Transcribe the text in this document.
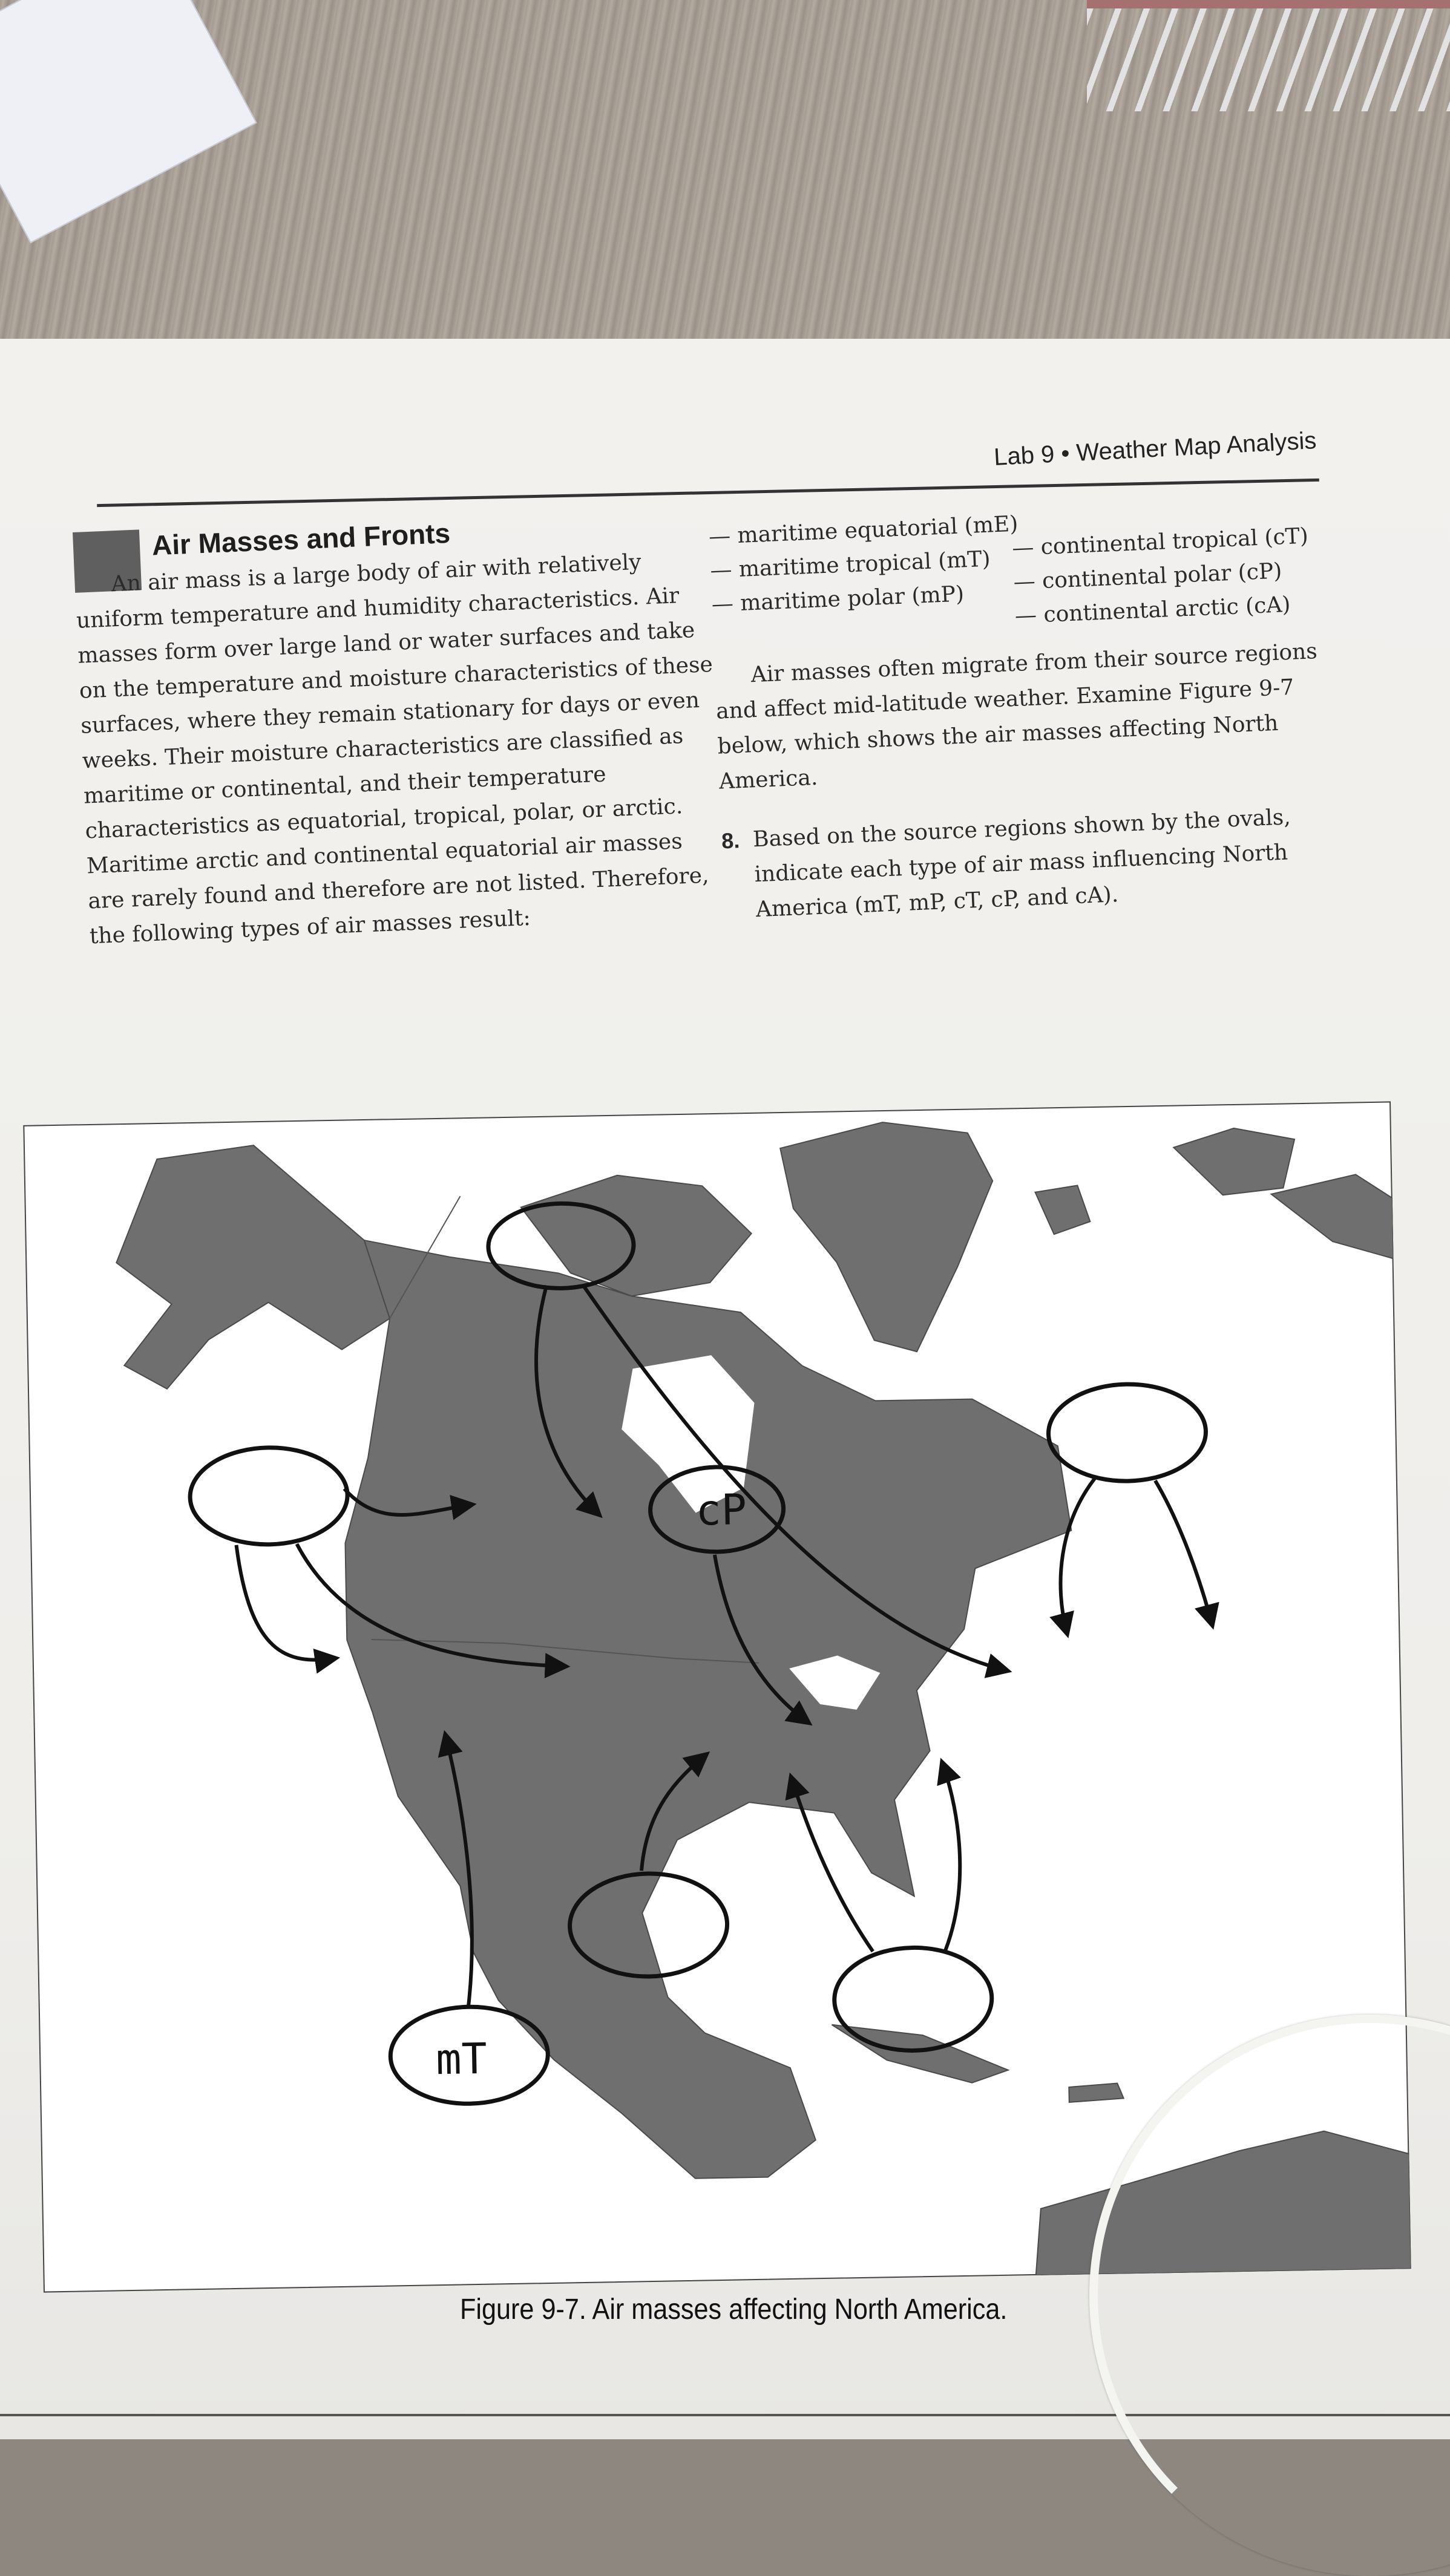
Lab 9 • Weather Map Analysis
Air Masses and Fronts

An air mass is a large body of air with relatively uniform temperature and humidity characteristics. Air masses form over large land or water surfaces and take on the temperature and moisture characteristics of these surfaces, where they remain stationary for days or even weeks. Their moisture characteristics are classified as maritime or continental, and their temperature characteristics as equatorial, tropical, polar, or arctic. Maritime arctic and continental equatorial air masses are rarely found and therefore are not listed. Therefore, the following types of air masses result:

— maritime equatorial (mE)

— maritime tropical (mT)

— maritime polar (mP)

— continental tropical (cT)

— continental polar (cP)

— continental arctic (cA)

Air masses often migrate from their source regions and affect mid-latitude weather. Examine Figure 9-7 below, which shows the air masses affecting North America.

8. Based on the source regions shown by the ovals, indicate each type of air mass influencing North America (mT, mP, cT, cP, and cA).
cP
mT
Figure 9-7. Air masses affecting North America.
